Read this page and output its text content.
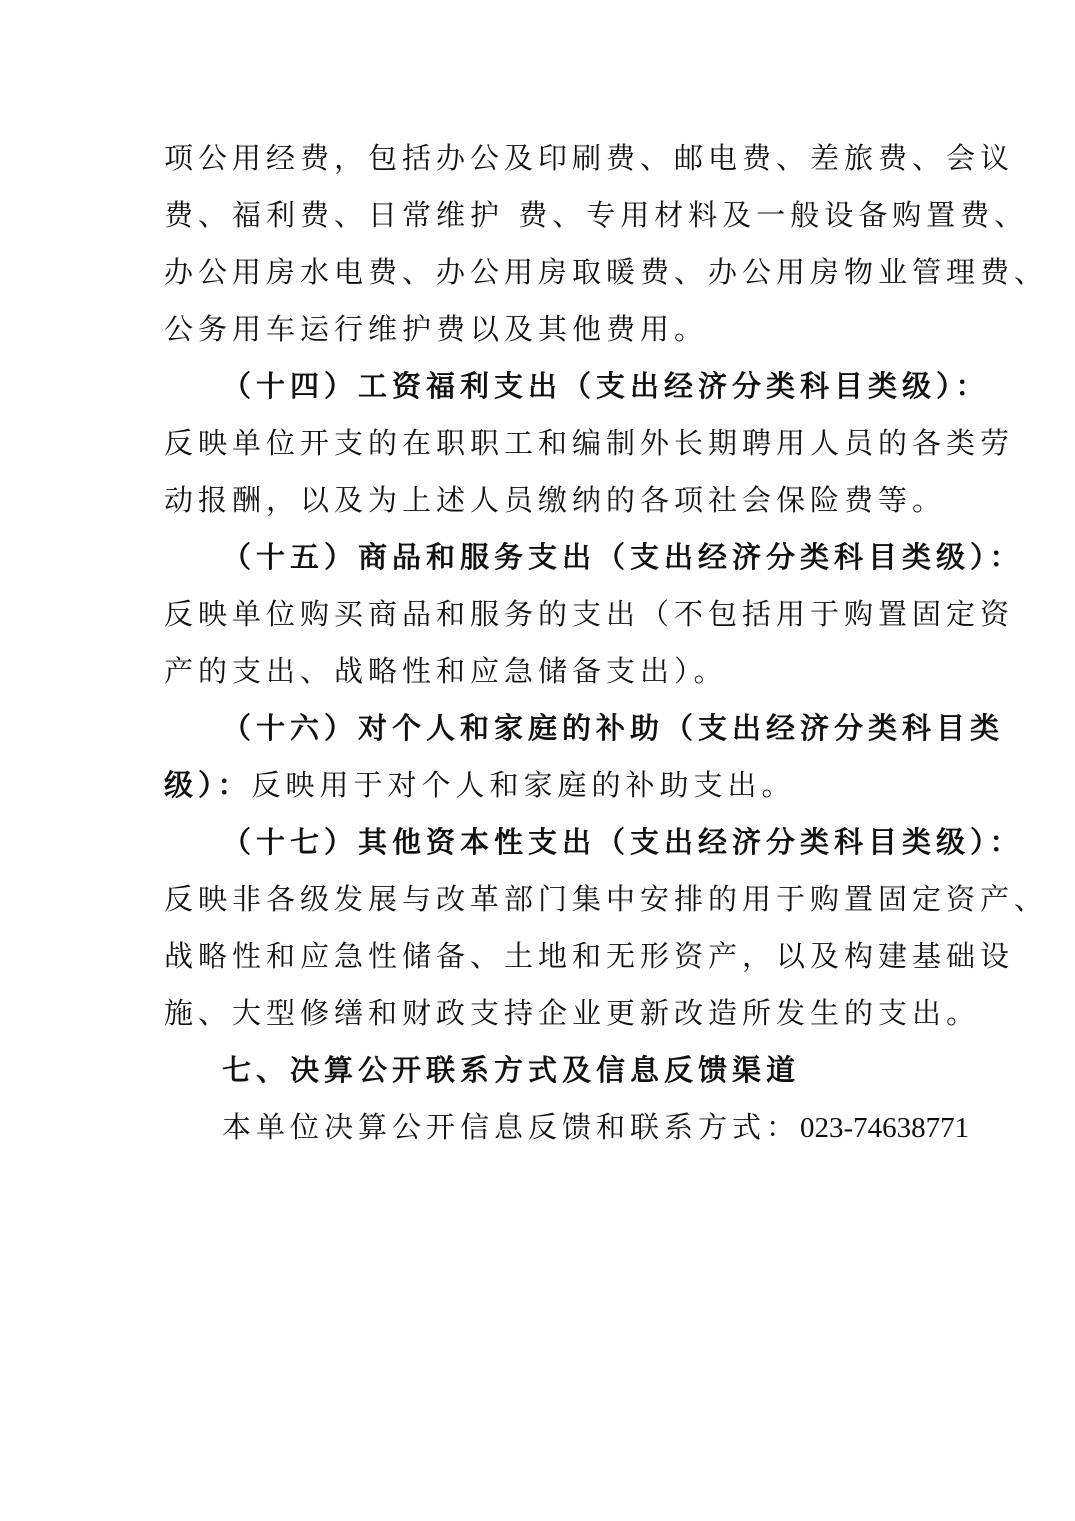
项公用经费，包括办公及印刷费、邮电费、差旅费、会议
费、福利费、日常维护 费、专用材料及一般设备购置费、
办公用房水电费、办公用房取暖费、办公用房物业管理费、
公务用车运行维护费以及其他费用。
（十四）工资福利支出（支出经济分类科目类级）：
反映单位开支的在职职工和编制外长期聘用人员的各类劳
动报酬，以及为上述人员缴纳的各项社会保险费等。
（十五）商品和服务支出（支出经济分类科目类级）：
反映单位购买商品和服务的支出（不包括用于购置固定资
产的支出、战略性和应急储备支出）。
（十六）对个人和家庭的补助（支出经济分类科目类
级）：反映用于对个人和家庭的补助支出。
（十七）其他资本性支出（支出经济分类科目类级）：
反映非各级发展与改革部门集中安排的用于购置固定资产、
战略性和应急性储备、土地和无形资产，以及构建基础设
施、大型修缮和财政支持企业更新改造所发生的支出。
七、决算公开联系方式及信息反馈渠道
本单位决算公开信息反馈和联系方式：023-74638771
